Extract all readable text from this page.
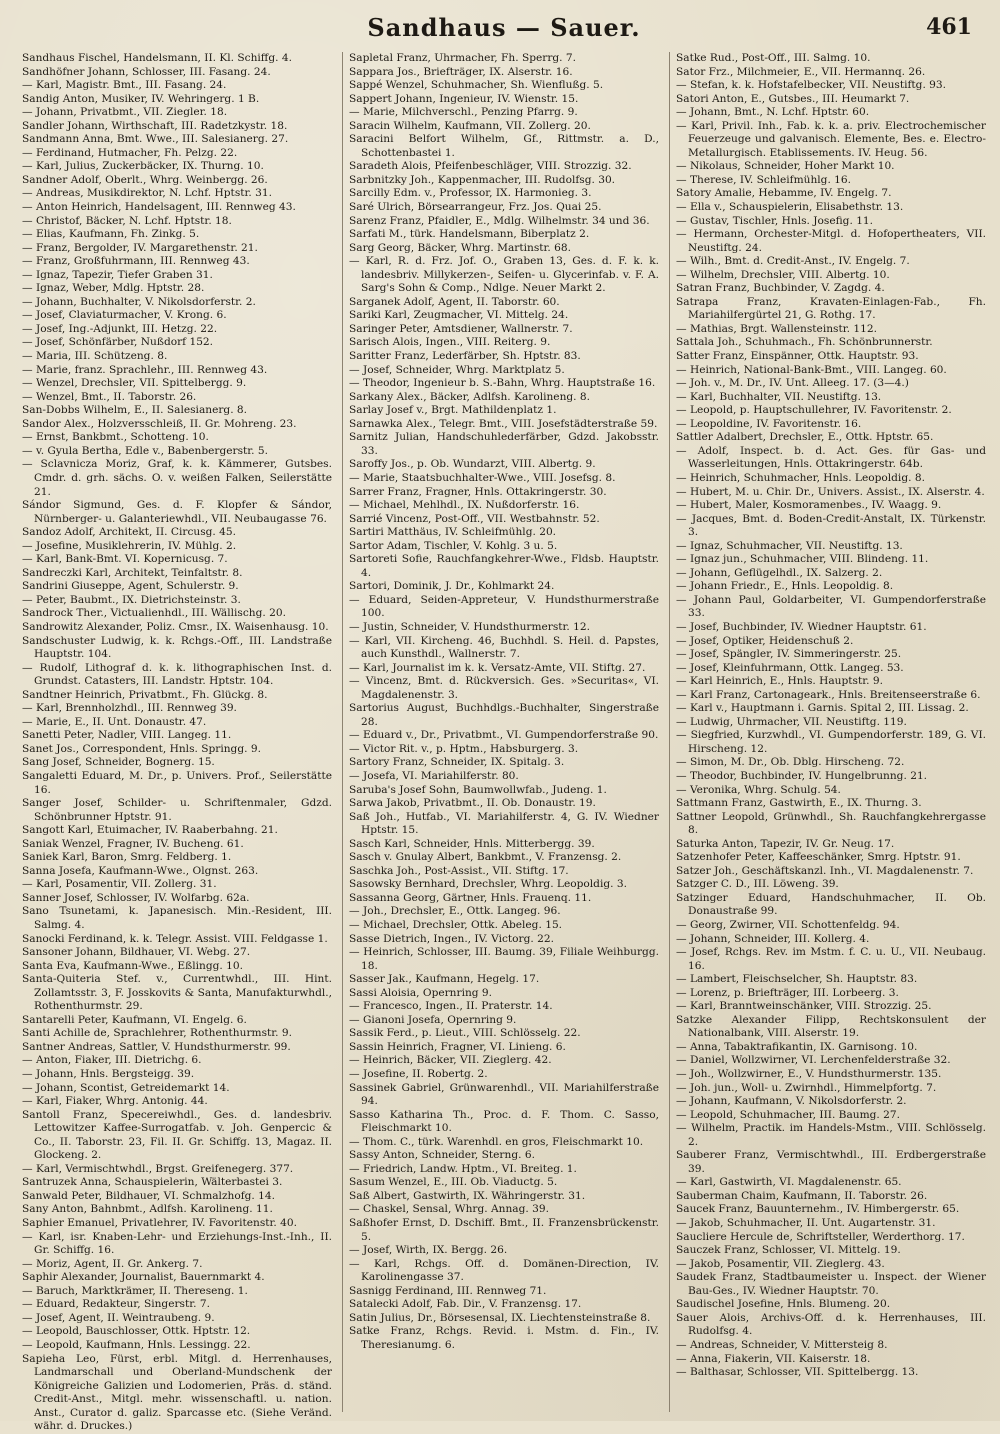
Sandhaus — Sauer.	461

Sandhaus Fischel, Handelsmann, II. Kl. Schiffg. 4.

Sandhöfner Johann, Schlosser, III. Fasang. 24.

— Karl, Magistr. Bmt., III. Fasang. 24.

Sandig Anton, Musiker, IV. Wehringerg. 1 B.

— Johann, Privatbmt., VII. Ziegler. 18.

Sandler Johann, Wirthschaft, III. Radetzkystr. 18.

Sandmann Anna, Bmt. Wwe., III. Salesianerg. 27.

— Ferdinand, Hutmacher, Fh. Pelzg. 22.

— Karl, Julius, Zuckerbäcker, IX. Thurng. 10.

Sandner Adolf, Oberlt., Whrg. Weinbergg. 26.

— Andreas, Musikdirektor, N. Lchf. Hptstr. 31.

— Anton Heinrich, Handelsagent, III. Rennweg 43.

— Christof, Bäcker, N. Lchf. Hptstr. 18.

— Elias, Kaufmann, Fh. Zinkg. 5.

— Franz, Bergolder, IV. Margarethenstr. 21.

— Franz, Großfuhrmann, III. Rennweg 43.

— Ignaz, Tapezir, Tiefer Graben 31.

— Ignaz, Weber, Mdlg. Hptstr. 28.

— Johann, Buchhalter, V. Nikolsdorferstr. 2.

— Josef, Claviaturmacher, V. Krong. 6.

— Josef, Ing.-Adjunkt, III. Hetzg. 22.

— Josef, Schönfärber, Nußdorf 152.

— Maria, III. Schützeng. 8.

— Marie, franz. Sprachlehr., III. Rennweg 43.

— Wenzel, Drechsler, VII. Spittelbergg. 9.

— Wenzel, Bmt., II. Taborstr. 26.

San-Dobbs Wilhelm, E., II. Salesianerg. 8.

Sandor Alex., Holzversschleiß, II. Gr. Mohreng. 23.

— Ernst, Bankbmt., Schotteng. 10.

— v. Gyula Bertha, Edle v., Babenbergerstr. 5.

— Sclavnicza Moriz, Graf, k. k. Kämmerer, Gutsbes. Cmdr. d. grh. sächs. O. v. weißen Falken, Seilerstätte 21.

Sándor Sigmund, Ges. d. F. Klopfer & Sándor, Nürnberger- u. Galanteriewhdl., VII. Neubaugasse 76.

Sandoz Adolf, Architekt, II. Circusg. 45.

— Josefine, Musiklehrerin, IV. Mühlg. 2.

— Karl, Bank-Bmt. VI. Kopernicusg. 7.

Sandreczki Karl, Architekt, Teinfaltstr. 8.

Sandrini Giuseppe, Agent, Schulerstr. 9.

— Peter, Baubmt., IX. Dietrichsteinstr. 3.

Sandrock Ther., Victualienhdl., III. Wällischg. 20.

Sandrowitz Alexander, Poliz. Cmsr., IX. Waisenhausg. 10.

Sandschuster Ludwig, k. k. Rchgs.-Off., III. Landstraße Hauptstr. 104.

— Rudolf, Lithograf d. k. k. lithographischen Inst. d. Grundst. Catasters, III. Landstr. Hptstr. 104.

Sandtner Heinrich, Privatbmt., Fh. Glückg. 8.

— Karl, Brennholzhdl., III. Rennweg 39.

— Marie, E., II. Unt. Donaustr. 47.

Sanetti Peter, Nadler, VIII. Langeg. 11.

Sanet Jos., Correspondent, Hnls. Springg. 9.

Sang Josef, Schneider, Bognerg. 15.

Sangaletti Eduard, M. Dr., p. Univers. Prof., Seilerstätte 16.

Sanger Josef, Schilder- u. Schriftenmaler, Gdzd. Schönbrunner Hptstr. 91.

Sangott Karl, Etuimacher, IV. Raaberbahng. 21.

Saniak Wenzel, Fragner, IV. Bucheng. 61.

Saniek Karl, Baron, Smrg. Feldberg. 1.

Sanna Josefa, Kaufmann-Wwe., Olgnst. 263.

— Karl, Posamentir, VII. Zollerg. 31.

Sanner Josef, Schlosser, IV. Wolfarbg. 62a.

Sano Tsunetami, k. Japanesisch. Min.-Resident, III. Salmg. 4.

Sanocki Ferdinand, k. k. Telegr. Assist. VIII. Feldgasse 1.

Sansoner Johann, Bildhauer, VI. Webg. 27.

Santa Eva, Kaufmann-Wwe., Eßlingg. 10.

Santa-Quiteria Stef. v., Currentwhdl., III. Hint. Zollamtsstr. 3, F. Josskovits & Santa, Manufakturwhdl., Rothenthurmstr. 29.

Santarelli Peter, Kaufmann, VI. Engelg. 6.

Santi Achille de, Sprachlehrer, Rothenthurmstr. 9.

Santner Andreas, Sattler, V. Hundsthurmerstr. 99.

— Anton, Fiaker, III. Dietrichg. 6.

— Johann, Hnls. Bergsteigg. 39.

— Johann, Scontist, Getreidemarkt 14.

— Karl, Fiaker, Whrg. Antonig. 44.

Santoll Franz, Specereiwhdl., Ges. d. landesbriv. Lettowitzer Kaffee-Surrogatfab. v. Joh. Genpercic & Co., II. Taborstr. 23, Fil. II. Gr. Schiffg. 13, Magaz. II. Glockeng. 2.

— Karl, Vermischtwhdl., Brgst. Greifenegerg. 377.

Santruzek Anna, Schauspielerin, Wälterbastei 3.

Sanwald Peter, Bildhauer, VI. Schmalzhofg. 14.

Sany Anton, Bahnbmt., Adlfsh. Karolineng. 11.

Saphier Emanuel, Privatlehrer, IV. Favoritenstr. 40.

— Karl, isr. Knaben-Lehr- und Erziehungs-Inst.-Inh., II. Gr. Schiffg. 16.

— Moriz, Agent, II. Gr. Ankerg. 7.

Saphir Alexander, Journalist, Bauernmarkt 4.

— Baruch, Marktkrämer, II. Thereseng. 1.

— Eduard, Redakteur, Singerstr. 7.

— Josef, Agent, II. Weintraubeng. 9.

— Leopold, Bauschlosser, Ottk. Hptstr. 12.

— Leopold, Kaufmann, Hnls. Lessingg. 22.

Sapieha Leo, Fürst, erbl. Mitgl. d. Herrenhauses, Landmarschall und Oberland-Mundschenk der Königreiche Galizien und Lodomerien, Präs. d. ständ. Credit-Anst., Mitgl. mehr. wissenschaftl. u. nation. Anst., Curator d. galiz. Sparcasse etc. (Siehe Veränd. währ. d. Druckes.)

Sapletal Franz, Uhrmacher, Fh. Sperrg. 7.

Sappara Jos., Briefträger, IX. Alserstr. 16.

Sappé Wenzel, Schuhmacher, Sh. Wienflußg. 5.

Sappert Johann, Ingenieur, IV. Wienstr. 15.

— Marie, Milchverschl., Penzing Pfarrg. 9.

Saracin Wilhelm, Kaufmann, VII. Zollerg. 20.

Saracini Belfort Wilhelm, Gf., Rittmstr. a. D., Schottenbastei 1.

Saradeth Alois, Pfeifenbeschläger, VIII. Strozzig. 32.

Sarbnitzky Joh., Kappenmacher, III. Rudolfsg. 30.

Sarcilly Edm. v., Professor, IX. Harmonieg. 3.

Saré Ulrich, Börsearrangeur, Frz. Jos. Quai 25.

Sarenz Franz, Pfaidler, E., Mdlg. Wilhelmstr. 34 und 36.

Sarfati M., türk. Handelsmann, Biberplatz 2.

Sarg Georg, Bäcker, Whrg. Martinstr. 68.

— Karl, R. d. Frz. Jof. O., Graben 13, Ges. d. F. k. k. landesbriv. Millykerzen-, Seifen- u. Glycerinfab. v. F. A. Sarg's Sohn & Comp., Ndlge. Neuer Markt 2.

Sarganek Adolf, Agent, II. Taborstr. 60.

Sariki Karl, Zeugmacher, VI. Mittelg. 24.

Saringer Peter, Amtsdiener, Wallnerstr. 7.

Sarisch Alois, Ingen., VIII. Reiterg. 9.

Saritter Franz, Lederfärber, Sh. Hptstr. 83.

— Josef, Schneider, Whrg. Marktplatz 5.

— Theodor, Ingenieur b. S.-Bahn, Whrg. Hauptstraße 16.

Sarkany Alex., Bäcker, Adlfsh. Karolineng. 8.

Sarlay Josef v., Brgt. Mathildenplatz 1.

Sarnawka Alex., Telegr. Bmt., VIII. Josefstädterstraße 59.

Sarnitz Julian, Handschuhlederfärber, Gdzd. Jakobsstr. 33.

Saroffy Jos., p. Ob. Wundarzt, VIII. Albertg. 9.

— Marie, Staatsbuchhalter-Wwe., VIII. Josefsg. 8.

Sarrer Franz, Fragner, Hnls. Ottakringerstr. 30.

— Michael, Mehlhdl., IX. Nußdorferstr. 16.

Sarrié Vincenz, Post-Off., VII. Westbahnstr. 52.

Sartiri Matthäus, IV. Schleifmühlg. 20.

Sartor Adam, Tischler, V. Kohlg. 3 u. 5.

Sartoreti Sofie, Rauchfangkehrer-Wwe., Fldsb. Hauptstr. 4.

Sartori, Dominik, J. Dr., Kohlmarkt 24.

— Eduard, Seiden-Appreteur, V. Hundsthurmerstraße 100.

— Justin, Schneider, V. Hundsthurmerstr. 12.

— Karl, VII. Kircheng. 46, Buchhdl. S. Heil. d. Papstes, auch Kunsthdl., Wallnerstr. 7.

— Karl, Journalist im k. k. Versatz-Amte, VII. Stiftg. 27.

— Vincenz, Bmt. d. Rückversich. Ges. »Securitas«, VI. Magdalenenstr. 3.

Sartorius August, Buchhdlgs.-Buchhalter, Singerstraße 28.

— Eduard v., Dr., Privatbmt., VI. Gumpendorferstraße 90.

— Victor Rit. v., p. Hptm., Habsburgerg. 3.

Sartory Franz, Schneider, IX. Spitalg. 3.

— Josefa, VI. Mariahilferstr. 80.

Saruba's Josef Sohn, Baumwollwfab., Judeng. 1.

Sarwa Jakob, Privatbmt., II. Ob. Donaustr. 19.

Saß Joh., Hutfab., VI. Mariahilferstr. 4, G. IV. Wiedner Hptstr. 15.

Sasch Karl, Schneider, Hnls. Mitterbergg. 39.

Sasch v. Gnulay Albert, Bankbmt., V. Franzensg. 2.

Saschka Joh., Post-Assist., VII. Stiftg. 17.

Sasowsky Bernhard, Drechsler, Whrg. Leopoldig. 3.

Sassanna Georg, Gärtner, Hnls. Frauenq. 11.

— Joh., Drechsler, E., Ottk. Langeg. 96.

— Michael, Drechsler, Ottk. Abeleg. 15.

Sasse Dietrich, Ingen., IV. Victorg. 22.

— Heinrich, Schlosser, III. Baumg. 39, Filiale Weihburgg. 18.

Sasser Jak., Kaufmann, Hegelg. 17.

Sassi Aloisia, Opernring 9.

— Francesco, Ingen., II. Praterstr. 14.

— Gianoni Josefa, Opernring 9.

Sassik Ferd., p. Lieut., VIII. Schlösselg. 22.

Sassin Heinrich, Fragner, VI. Linieng. 6.

— Heinrich, Bäcker, VII. Zieglerg. 42.

— Josefine, II. Robertg. 2.

Sassinek Gabriel, Grünwarenhdl., VII. Mariahilferstraße 94.

Sasso Katharina Th., Proc. d. F. Thom. C. Sasso, Fleischmarkt 10.

— Thom. C., türk. Warenhdl. en gros, Fleischmarkt 10.

Sassy Anton, Schneider, Sterng. 6.

— Friedrich, Landw. Hptm., VI. Breiteg. 1.

Sasum Wenzel, E., III. Ob. Viaductg. 5.

Saß Albert, Gastwirth, IX. Währingerstr. 31.

— Chaskel, Sensal, Whrg. Annag. 39.

Saßhofer Ernst, D. Dschiff. Bmt., II. Franzensbrückenstr. 5.

— Josef, Wirth, IX. Bergg. 26.

— Karl, Rchgs. Off. d. Domänen-Direction, IV. Karolinengasse 37.

Sasnigg Ferdinand, III. Rennweg 71.

Satalecki Adolf, Fab. Dir., V. Franzensg. 17.

Satin Julius, Dr., Börsesensal, IX. Liechtensteinstraße 8.

Satke Franz, Rchgs. Revid. i. Mstm. d. Fin., IV. Theresianumg. 6.

Satke Rud., Post-Off., III. Salmg. 10.

Sator Frz., Milchmeier, E., VII. Hermannq. 26.

— Stefan, k. k. Hofstafelbecker, VII. Neustiftg. 93.

Satori Anton, E., Gutsbes., III. Heumarkt 7.

— Johann, Bmt., N. Lchf. Hptstr. 60.

— Karl, Privil. Inh., Fab. k. k. a. priv. Electrochemischer Feuerzeuge und galvanisch. Elemente, Bes. e. Electro-Metallurgisch. Etablissements. IV. Heug. 56.

— Nikolaus, Schneider, Hoher Markt 10.

— Therese, IV. Schleifmühlg. 16.

Satory Amalie, Hebamme, IV. Engelg. 7.

— Ella v., Schauspielerin, Elisabethstr. 13.

— Gustav, Tischler, Hnls. Josefig. 11.

— Hermann, Orchester-Mitgl. d. Hofopertheaters, VII. Neustiftg. 24.

— Wilh., Bmt. d. Credit-Anst., IV. Engelg. 7.

— Wilhelm, Drechsler, VIII. Albertg. 10.

Satran Franz, Buchbinder, V. Zagdg. 4.

Satrapa Franz, Kravaten-Einlagen-Fab., Fh. Mariahilfergürtel 21, G. Rothg. 17.

— Mathias, Brgt. Wallensteinstr. 112.

Sattala Joh., Schuhmach., Fh. Schönbrunnerstr.

Satter Franz, Einspänner, Ottk. Hauptstr. 93.

— Heinrich, National-Bank-Bmt., VIII. Langeg. 60.

— Joh. v., M. Dr., IV. Unt. Alleeg. 17. (3—4.)

— Karl, Buchhalter, VII. Neustiftg. 13.

— Leopold, p. Hauptschullehrer, IV. Favoritenstr. 2.

— Leopoldine, IV. Favoritenstr. 16.

Sattler Adalbert, Drechsler, E., Ottk. Hptstr. 65.

— Adolf, Inspect. b. d. Act. Ges. für Gas- und Wasserleitungen, Hnls. Ottakringerstr. 64b.

— Heinrich, Schuhmacher, Hnls. Leopoldig. 8.

— Hubert, M. u. Chir. Dr., Univers. Assist., IX. Alserstr. 4.

— Hubert, Maler, Kosmoramenbes., IV. Waagg. 9.

— Jacques, Bmt. d. Boden-Credit-Anstalt, IX. Türkenstr. 3.

— Ignaz, Schuhmacher, VII. Neustiftg. 13.

— Ignaz jun., Schuhmacher, VIII. Blindeng. 11.

— Johann, Geflügelhdl., IX. Salzerg. 2.

— Johann Friedr., E., Hnls. Leopoldig. 8.

— Johann Paul, Goldarbeiter, VI. Gumpendorferstraße 33.

— Josef, Buchbinder, IV. Wiedner Hauptstr. 61.

— Josef, Optiker, Heidenschuß 2.

— Josef, Spängler, IV. Simmeringerstr. 25.

— Josef, Kleinfuhrmann, Ottk. Langeg. 53.

— Karl Heinrich, E., Hnls. Hauptstr. 9.

— Karl Franz, Cartonageark., Hnls. Breitenseerstraße 6.

— Karl v., Hauptmann i. Garnis. Spital 2, III. Lissag. 2.

— Ludwig, Uhrmacher, VII. Neustiftg. 119.

— Siegfried, Kurzwhdl., VI. Gumpendorferstr. 189, G. VI. Hirscheng. 12.

— Simon, M. Dr., Ob. Dblg. Hirscheng. 72.

— Theodor, Buchbinder, IV. Hungelbrunng. 21.

— Veronika, Whrg. Schulg. 54.

Sattmann Franz, Gastwirth, E., IX. Thurng. 3.

Sattner Leopold, Grünwhdl., Sh. Rauchfangkehrergasse 8.

Saturka Anton, Tapezir, IV. Gr. Neug. 17.

Satzenhofer Peter, Kaffeeschänker, Smrg. Hptstr. 91.

Satzer Joh., Geschäftskanzl. Inh., VI. Magdalenenstr. 7.

Satzger C. D., III. Löweng. 39.

Satzinger Eduard, Handschuhmacher, II. Ob. Donaustraße 99.

— Georg, Zwirner, VII. Schottenfeldg. 94.

— Johann, Schneider, III. Kollerg. 4.

— Josef, Rchgs. Rev. im Mstm. f. C. u. U., VII. Neubaug. 16.

— Lambert, Fleischselcher, Sh. Hauptstr. 83.

— Lorenz, p. Briefträger, III. Lorbeerg. 3.

— Karl, Branntweinschänker, VIII. Strozzig. 25.

Satzke Alexander Filipp, Rechtskonsulent der Nationalbank, VIII. Alserstr. 19.

— Anna, Tabaktrafikantin, IX. Garnisong. 10.

— Daniel, Wollzwirner, VI. Lerchenfelderstraße 32.

— Joh., Wollzwirner, E., V. Hundsthurmerstr. 135.

— Joh. jun., Woll- u. Zwirnhdl., Himmelpfortg. 7.

— Johann, Kaufmann, V. Nikolsdorferstr. 2.

— Leopold, Schuhmacher, III. Baumg. 27.

— Wilhelm, Practik. im Handels-Mstm., VIII. Schlösselg. 2.

Sauberer Franz, Vermischtwhdl., III. Erdbergerstraße 39.

— Karl, Gastwirth, VI. Magdalenenstr. 65.

Sauberman Chaim, Kaufmann, II. Taborstr. 26.

Saucek Franz, Bauunternehm., IV. Himbergerstr. 65.

— Jakob, Schuhmacher, II. Unt. Augartenstr. 31.

Saucliere Hercule de, Schriftsteller, Werderthorg. 17.

Sauczek Franz, Schlosser, VI. Mittelg. 19.

— Jakob, Posamentir, VII. Zieglerg. 43.

Saudek Franz, Stadtbaumeister u. Inspect. der Wiener Bau-Ges., IV. Wiedner Hauptstr. 70.

Saudischel Josefine, Hnls. Blumeng. 20.

Sauer Alois, Archivs-Off. d. k. Herrenhauses, III. Rudolfsg. 4.

— Andreas, Schneider, V. Mittersteig 8.

— Anna, Fiakerin, VII. Kaiserstr. 18.

— Balthasar, Schlosser, VII. Spittelbergg. 13.
